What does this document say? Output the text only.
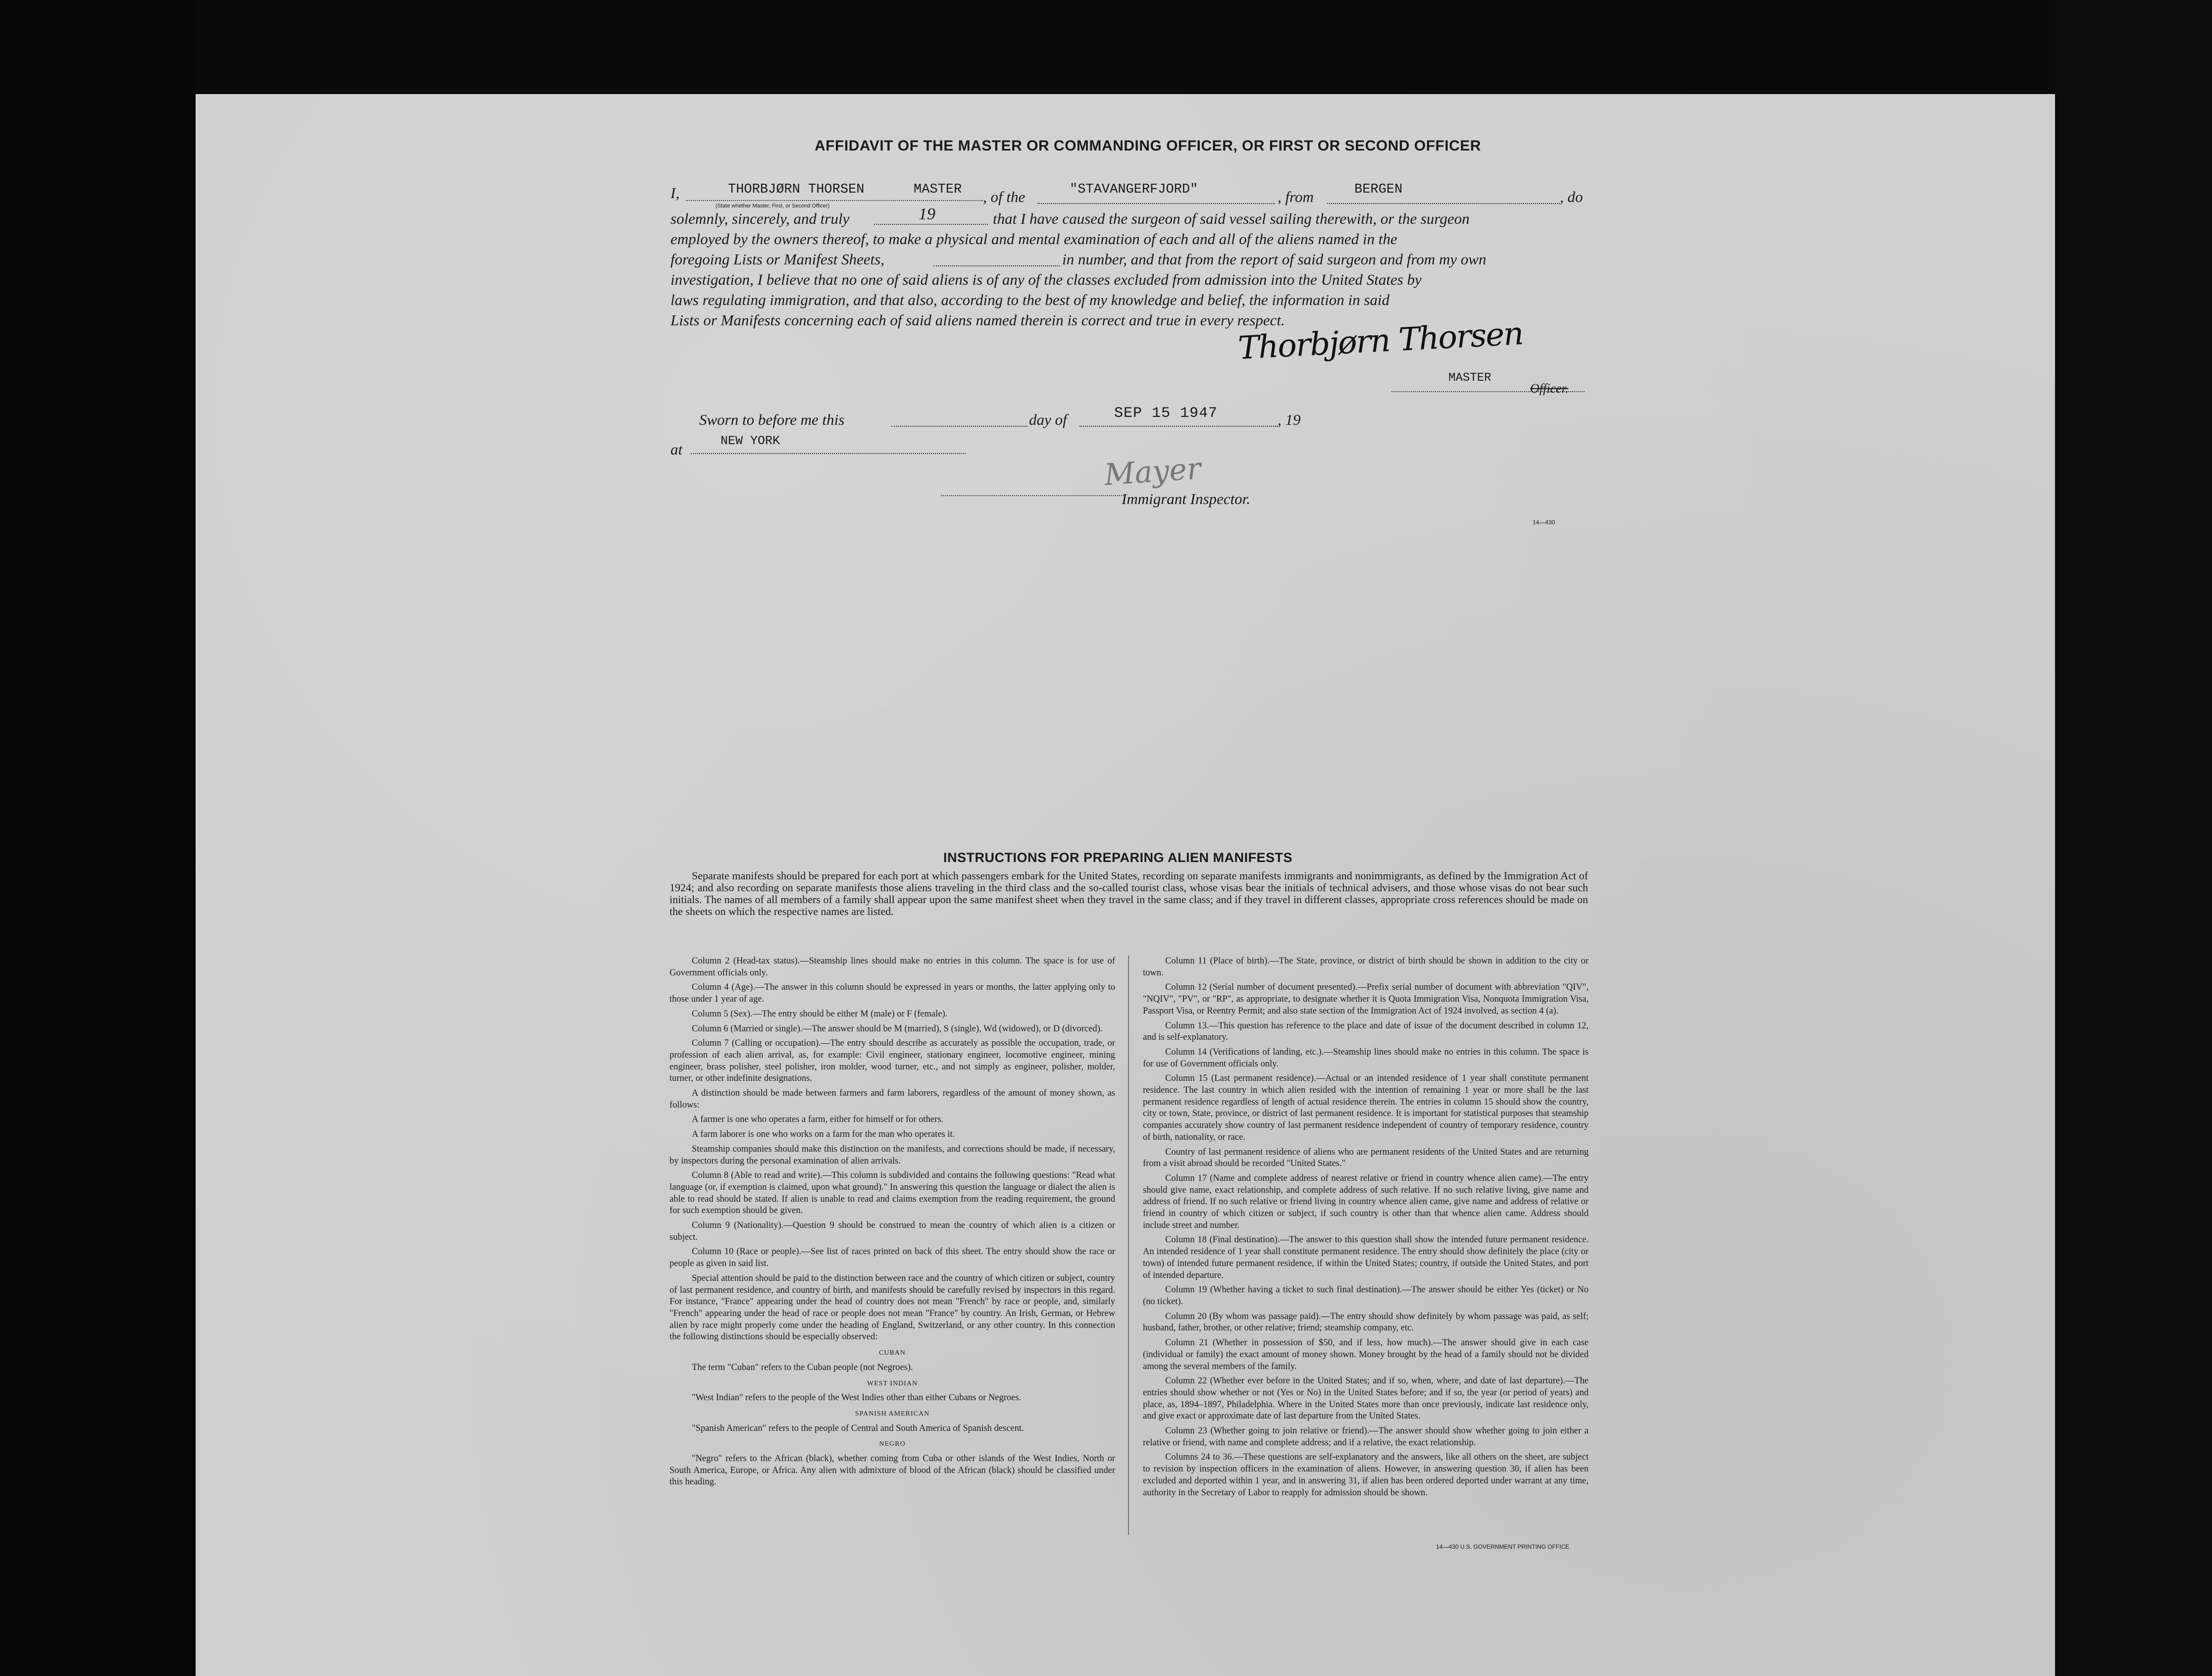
AFFIDAVIT OF THE MASTER OR COMMANDING OFFICER, OR FIRST OR SECOND OFFICER
I,	THORBJØRN THORSEN	MASTER
(State whether Master, First, or Second Officer)
, of the	"STAVANGERFJORD"	, from	BERGEN	, do
solemnly, sincerely, and truly	19	that I have caused the surgeon of said vessel sailing therewith, or the surgeon
employed by the owners thereof, to make a physical and mental examination of each and all of the aliens named in the
foregoing Lists or Manifest Sheets,	in number, and that from the report of said surgeon and from my own
investigation, I believe that no one of said aliens is of any of the classes excluded from admission into the United States by
laws regulating immigration, and that also, according to the best of my knowledge and belief, the information in said
Lists or Manifests concerning each of said aliens named therein is correct and true in every respect.
Thorbjørn Thorsen
MASTER
Officer.
Sworn to before me this	day of	SEP 15 1947	, 19
at	NEW YORK
Mayer
Immigrant Inspector.
14—430
INSTRUCTIONS FOR PREPARING ALIEN MANIFESTS

Separate manifests should be prepared for each port at which passengers embark for the United States, recording on separate manifests immigrants and nonimmigrants, as defined by the Immigration Act of 1924; and also recording on separate manifests those aliens traveling in the third class and the so-called tourist class, whose visas bear the initials of technical advisers, and those whose visas do not bear such initials. The names of all members of a family shall appear upon the same manifest sheet when they travel in the same class; and if they travel in different classes, appropriate cross references should be made on the sheets on which the respective names are listed.

Column 2 (Head-tax status).—Steamship lines should make no entries in this column. The space is for use of Government officials only.

Column 4 (Age).—The answer in this column should be expressed in years or months, the latter applying only to those under 1 year of age.

Column 5 (Sex).—The entry should be either M (male) or F (female).

Column 6 (Married or single).—The answer should be M (married), S (single), Wd (widowed), or D (divorced).

Column 7 (Calling or occupation).—The entry should describe as accurately as possible the occupation, trade, or profession of each alien arrival, as, for example: Civil engineer, stationary engineer, locomotive engineer, mining engineer, brass polisher, steel polisher, iron molder, wood turner, etc., and not simply as engineer, polisher, molder, turner, or other indefinite designations.

A distinction should be made between farmers and farm laborers, regardless of the amount of money shown, as follows:

A farmer is one who operates a farm, either for himself or for others.

A farm laborer is one who works on a farm for the man who operates it.

Steamship companies should make this distinction on the manifests, and corrections should be made, if necessary, by inspectors during the personal examination of alien arrivals.

Column 8 (Able to read and write).—This column is subdivided and contains the following questions: "Read what language (or, if exemption is claimed, upon what ground)." In answering this question the language or dialect the alien is able to read should be stated. If alien is unable to read and claims exemption from the reading requirement, the ground for such exemption should be given.

Column 9 (Nationality).—Question 9 should be construed to mean the country of which alien is a citizen or subject.

Column 10 (Race or people).—See list of races printed on back of this sheet. The entry should show the race or people as given in said list.

Special attention should be paid to the distinction between race and the country of which citizen or subject, country of last permanent residence, and country of birth, and manifests should be carefully revised by inspectors in this regard. For instance, "France" appearing under the head of country does not mean "French" by race or people, and, similarly "French" appearing under the head of race or people does not mean "France" by country. An Irish, German, or Hebrew alien by race might properly come under the heading of England, Switzerland, or any other country. In this connection the following distinctions should be especially observed:

CUBAN

The term "Cuban" refers to the Cuban people (not Negroes).

WEST INDIAN

"West Indian" refers to the people of the West Indies other than either Cubans or Negroes.

SPANISH AMERICAN

"Spanish American" refers to the people of Central and South America of Spanish descent.

NEGRO

"Negro" refers to the African (black), whether coming from Cuba or other islands of the West Indies, North or South America, Europe, or Africa. Any alien with admixture of blood of the African (black) should be classified under this heading.

Column 11 (Place of birth).—The State, province, or district of birth should be shown in addition to the city or town.

Column 12 (Serial number of document presented).—Prefix serial number of document with abbreviation "QIV", "NQIV", "PV", or "RP", as appropriate, to designate whether it is Quota Immigration Visa, Nonquota Immigration Visa, Passport Visa, or Reentry Permit; and also state section of the Immigration Act of 1924 involved, as section 4 (a).

Column 13.—This question has reference to the place and date of issue of the document described in column 12, and is self-explanatory.

Column 14 (Verifications of landing, etc.).—Steamship lines should make no entries in this column. The space is for use of Government officials only.

Column 15 (Last permanent residence).—Actual or an intended residence of 1 year shall constitute permanent residence. The last country in which alien resided with the intention of remaining 1 year or more shall be the last permanent residence regardless of length of actual residence therein. The entries in column 15 should show the country, city or town, State, province, or district of last permanent residence. It is important for statistical purposes that steamship companies accurately show country of last permanent residence independent of country of temporary residence, country of birth, nationality, or race.

Country of last permanent residence of aliens who are permanent residents of the United States and are returning from a visit abroad should be recorded "United States."

Column 17 (Name and complete address of nearest relative or friend in country whence alien came).—The entry should give name, exact relationship, and complete address of such relative. If no such relative living, give name and address of friend. If no such relative or friend living in country whence alien came, give name and address of relative or friend in country of which citizen or subject, if such country is other than that whence alien came. Address should include street and number.

Column 18 (Final destination).—The answer to this question shall show the intended future permanent residence. An intended residence of 1 year shall constitute permanent residence. The entry should show definitely the place (city or town) of intended future permanent residence, if within the United States; country, if outside the United States, and port of intended departure.

Column 19 (Whether having a ticket to such final destination).—The answer should be either Yes (ticket) or No (no ticket).

Column 20 (By whom was passage paid).—The entry should show definitely by whom passage was paid, as self; husband, father, brother, or other relative; friend; steamship company, etc.

Column 21 (Whether in possession of $50, and if less, how much).—The answer should give in each case (individual or family) the exact amount of money shown. Money brought by the head of a family should not be divided among the several members of the family.

Column 22 (Whether ever before in the United States; and if so, when, where, and date of last departure).—The entries should show whether or not (Yes or No) in the United States before; and if so, the year (or period of years) and place, as, 1894–1897, Philadelphia. Where in the United States more than once previously, indicate last residence only, and give exact or approximate date of last departure from the United States.

Column 23 (Whether going to join relative or friend).—The answer should show whether going to join either a relative or friend, with name and complete address; and if a relative, the exact relationship.

Columns 24 to 36.—These questions are self-explanatory and the answers, like all others on the sheet, are subject to revision by inspection officers in the examination of aliens. However, in answering question 30, if alien has been excluded and deported within 1 year, and in answering 31, if alien has been ordered deported under warrant at any time, authority in the Secretary of Labor to reapply for admission should be shown.

14—430 U.S. GOVERNMENT PRINTING OFFICE
